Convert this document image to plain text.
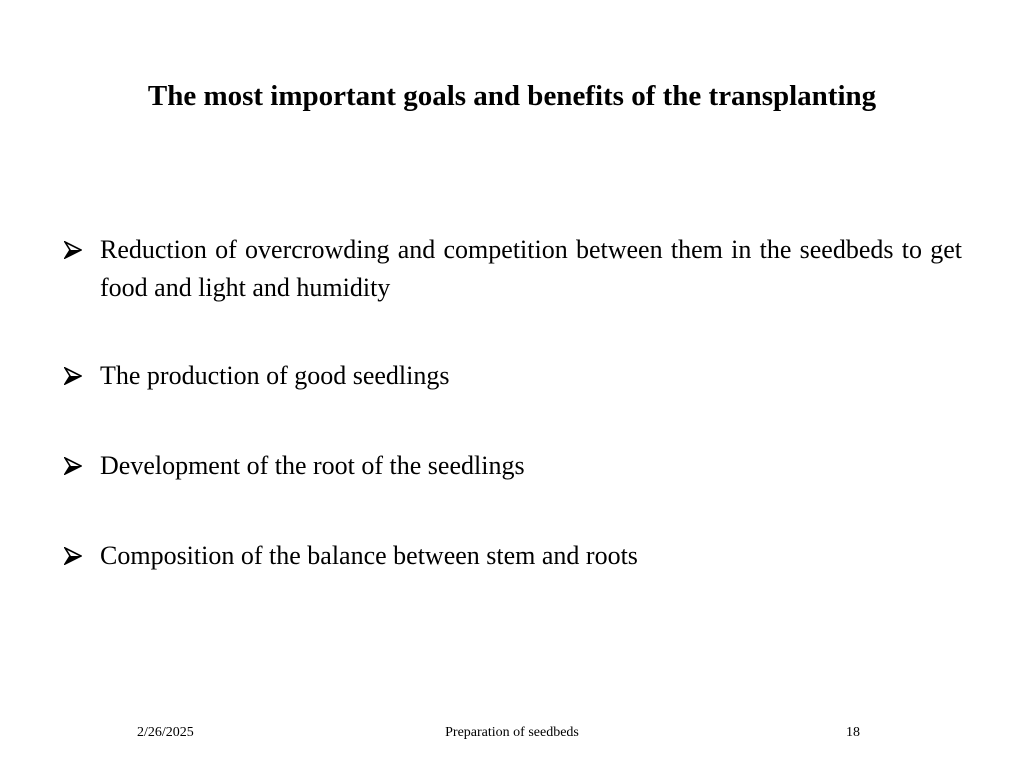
The most important goals and benefits of the transplanting
Reduction of overcrowding and competition between them in the seedbeds to get food and light and humidity
The production of good seedlings
Development of the root of the seedlings
Composition of the balance between stem and roots
2/26/2025	Preparation of seedbeds	18
